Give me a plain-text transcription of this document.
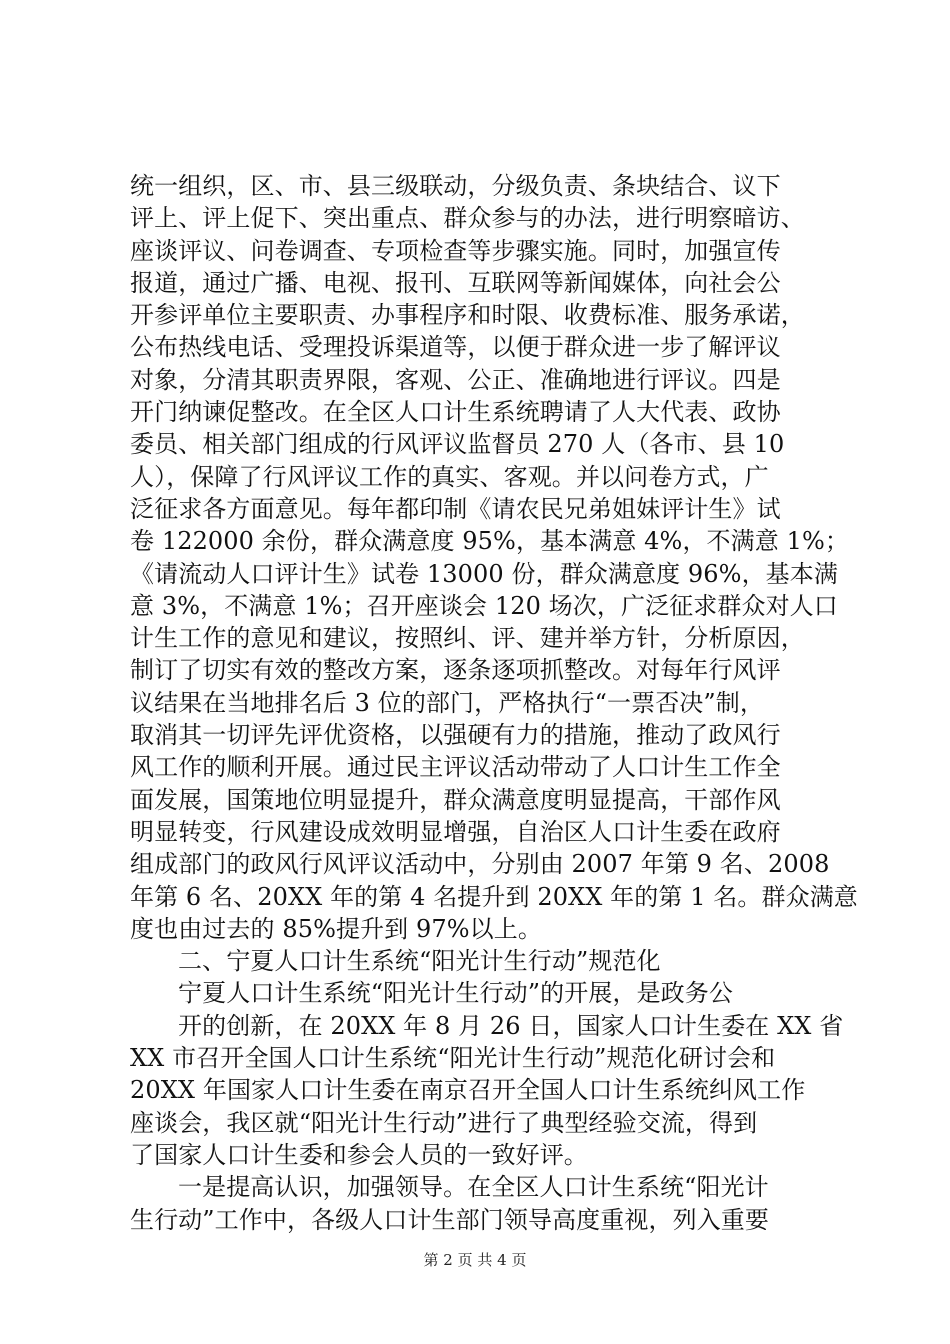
统一组织，区、市、县三级联动，分级负责、条块结合、议下
评上、评上促下、突出重点、群众参与的办法，进行明察暗访、
座谈评议、问卷调查、专项检查等步骤实施。同时，加强宣传
报道，通过广播、电视、报刊、互联网等新闻媒体，向社会公
开参评单位主要职责、办事程序和时限、收费标准、服务承诺，
公布热线电话、受理投诉渠道等，以便于群众进一步了解评议
对象，分清其职责界限，客观、公正、准确地进行评议。四是
开门纳谏促整改。在全区人口计生系统聘请了人大代表、政协
委员、相关部门组成的行风评议监督员 270 人（各市、县 10
人），保障了行风评议工作的真实、客观。并以问卷方式，广
泛征求各方面意见。每年都印制《请农民兄弟姐妹评计生》试
卷 122000 余份，群众满意度 95%，基本满意 4%，不满意 1%；
《请流动人口评计生》试卷 13000 份，群众满意度 96%，基本满
意 3%，不满意 1%；召开座谈会 120 场次，广泛征求群众对人口
计生工作的意见和建议，按照纠、评、建并举方针，分析原因，
制订了切实有效的整改方案，逐条逐项抓整改。对每年行风评
议结果在当地排名后 3 位的部门，严格执行“一票否决”制，
取消其一切评先评优资格，以强硬有力的措施，推动了政风行
风工作的顺利开展。通过民主评议活动带动了人口计生工作全
面发展，国策地位明显提升，群众满意度明显提高，干部作风
明显转变，行风建设成效明显增强，自治区人口计生委在政府
组成部门的政风行风评议活动中，分别由 2007 年第 9 名、2008
年第 6 名、20XX 年的第 4 名提升到 20XX 年的第 1 名。群众满意
度也由过去的 85%提升到 97%以上。
二、宁夏人口计生系统“阳光计生行动”规范化
宁夏人口计生系统“阳光计生行动”的开展，是政务公
开的创新，在 20XX 年 8 月 26 日，国家人口计生委在 XX 省
XX 市召开全国人口计生系统“阳光计生行动”规范化研讨会和
20XX 年国家人口计生委在南京召开全国人口计生系统纠风工作
座谈会，我区就“阳光计生行动”进行了典型经验交流，得到
了国家人口计生委和参会人员的一致好评。
一是提高认识，加强领导。在全区人口计生系统“阳光计
生行动”工作中，各级人口计生部门领导高度重视，列入重要
第 2 页 共 4 页
